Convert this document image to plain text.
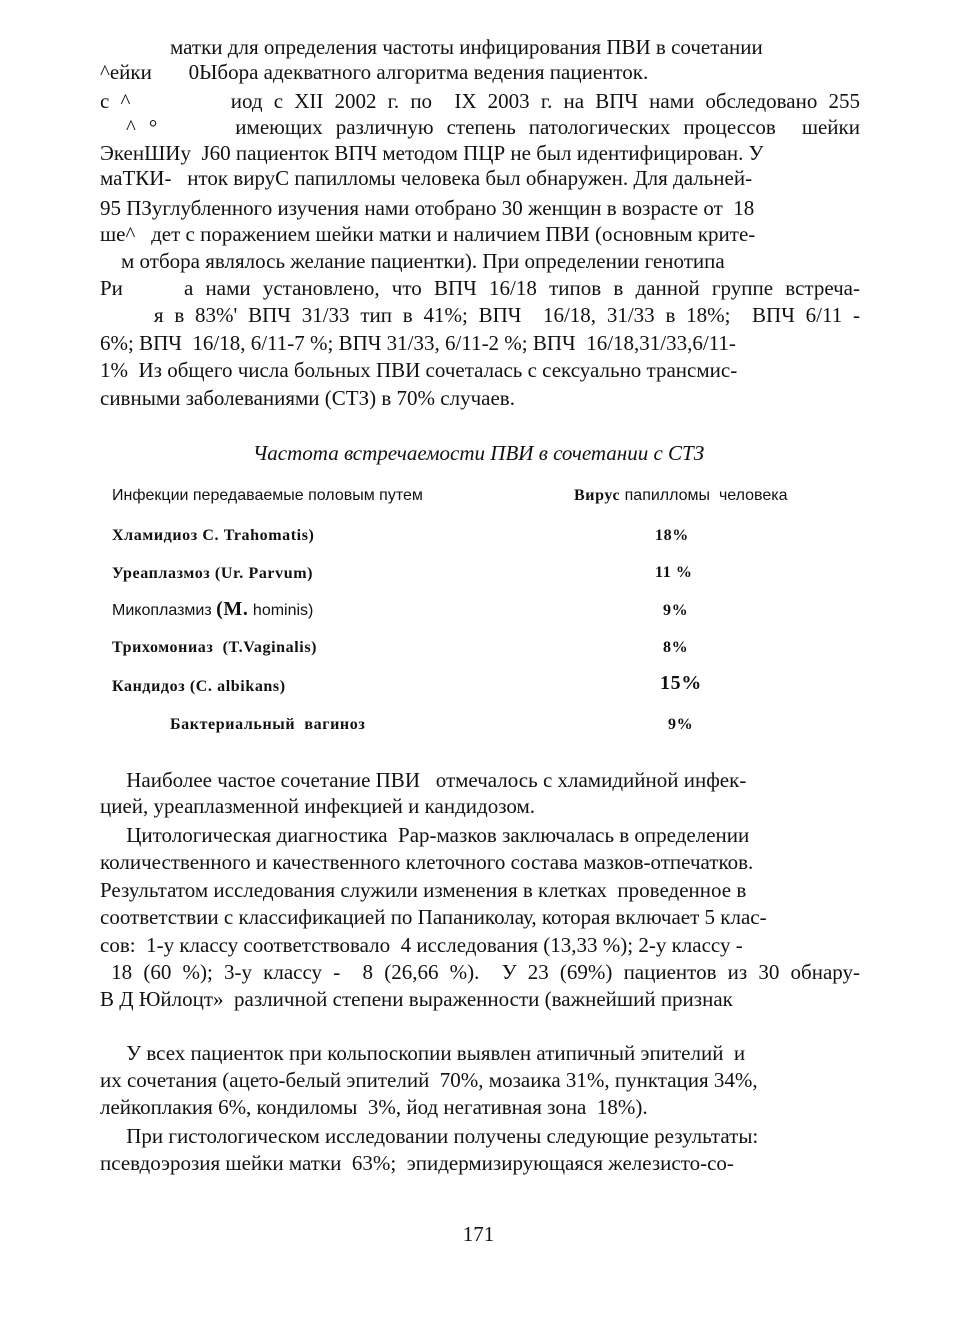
матки для определения частоты инфицирования ПВИ в сочетании
^ейки       0Ыбора адекватного алгоритма ведения пациенток.
с ^         иод с XII 2002 г. по  IX 2003 г. на ВПЧ нами обследовано 255
^ °      имеющих различную степень патологических процессов  шейки
ЭкенШИу  J60 пациенток ВПЧ методом ПЦР не был идентифицирован. У
маТКИ-   нток вируС папилломы человека был обнаружен. Для дальней-
95 ПЗуглубленного изучения нами отобрано 30 женщин в возрасте от  18
ше^   дет с поражением шейки матки и наличием ПВИ (основным крите-
м отбора являлось желание пациентки). При определении генотипа
Ри     а нами установлено, что ВПЧ 16/18 типов в данной группе встреча-
я в 83%' ВПЧ 31/33 тип в 41%; ВПЧ  16/18, 31/33 в 18%;  ВПЧ 6/11 -
6%; ВПЧ  16/18, 6/11-7 %; ВПЧ 31/33, 6/11-2 %; ВПЧ  16/18,31/33,6/11-
1%  Из общего числа больных ПВИ сочеталась с сексуально трансмис-
сивными заболеваниями (СТЗ) в 70% случаев.
Частота встречаемости ПВИ в сочетании с СТЗ
Инфекции передаваемые половым путем	Вирус папилломы  человека
Хламидиоз С. Trahomatis)	18%
Уреаплазмоз (Ur. Parvum)	11 %
Микоплазмиз (M. hominis)	9%
Трихомониаз  (T.Vaginalis)	8%
Кандидоз (C. albikans)	15%
Бактериальный  вагиноз	9%
Наиболее частое сочетание ПВИ   отмечалось с хламидийной инфек-
цией, уреаплазменной инфекцией и кандидозом.
Цитологическая диагностика  Pap-мазков заключалась в определении
количественного и качественного клеточного состава мазков-отпечатков.
Результатом исследования служили изменения в клетках  проведенное в
соответствии с классификацией по Папаниколау, которая включает 5 клас-
сов:  1-у классу соответствовало  4 исследования (13,33 %); 2-у классу -
18 (60 %); 3-у классу -  8 (26,66 %).  У 23 (69%) пациентов из 30 обнару-
В Д Юйлоцт»  различной степени выраженности (важнейший признак
У всех пациенток при кольпоскопии выявлен атипичный эпителий  и
их сочетания (ацето-белый эпителий  70%, мозаика 31%, пунктация 34%,
лейкоплакия 6%, кондиломы  3%, йод негативная зона  18%).
При гистологическом исследовании получены следующие результаты:
псевдоэрозия шейки матки  63%;  эпидермизирующаяся железисто-со-
171
